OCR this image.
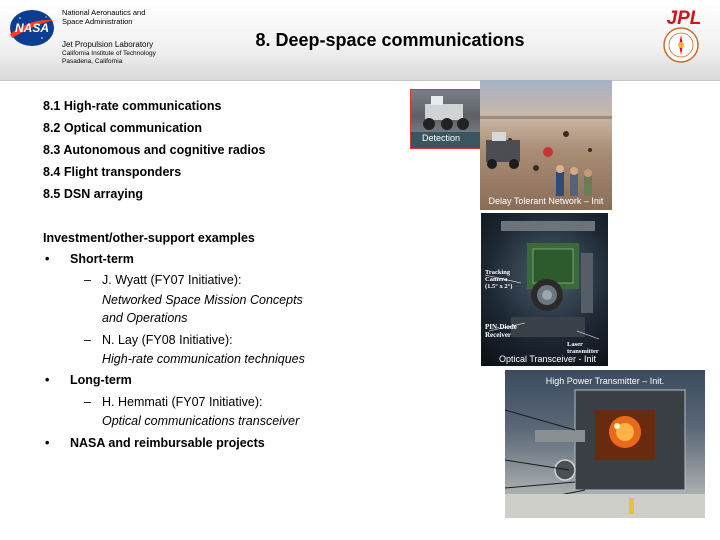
NASA
National Aeronautics and
Space Administration
Jet Propulsion Laboratory
California Institute of Technology
Pasadena, California
8. Deep-space communications
JPL
8.1 High-rate communications
8.2 Optical communication
8.3 Autonomous and cognitive radios
8.4 Flight transponders
8.5 DSN arraying
Investment/other-support examples
• Short-term
– J. Wyatt (FY07 Initiative):
Networked Space Mission Concepts
and Operations
– N. Lay (FY08 Initiative):
High-rate communication techniques
• Long-term
– H. Hemmati (FY07 Initiative):
Optical communications transceiver
• NASA and reimbursable projects
Detection
Delay Tolerant Network – Init
Tracking
Camera
(1.5° x 2°)
PIN-Diode
Receiver
Laser
transmitter
Optical Transceiver - Init
High Power Transmitter – Init.
